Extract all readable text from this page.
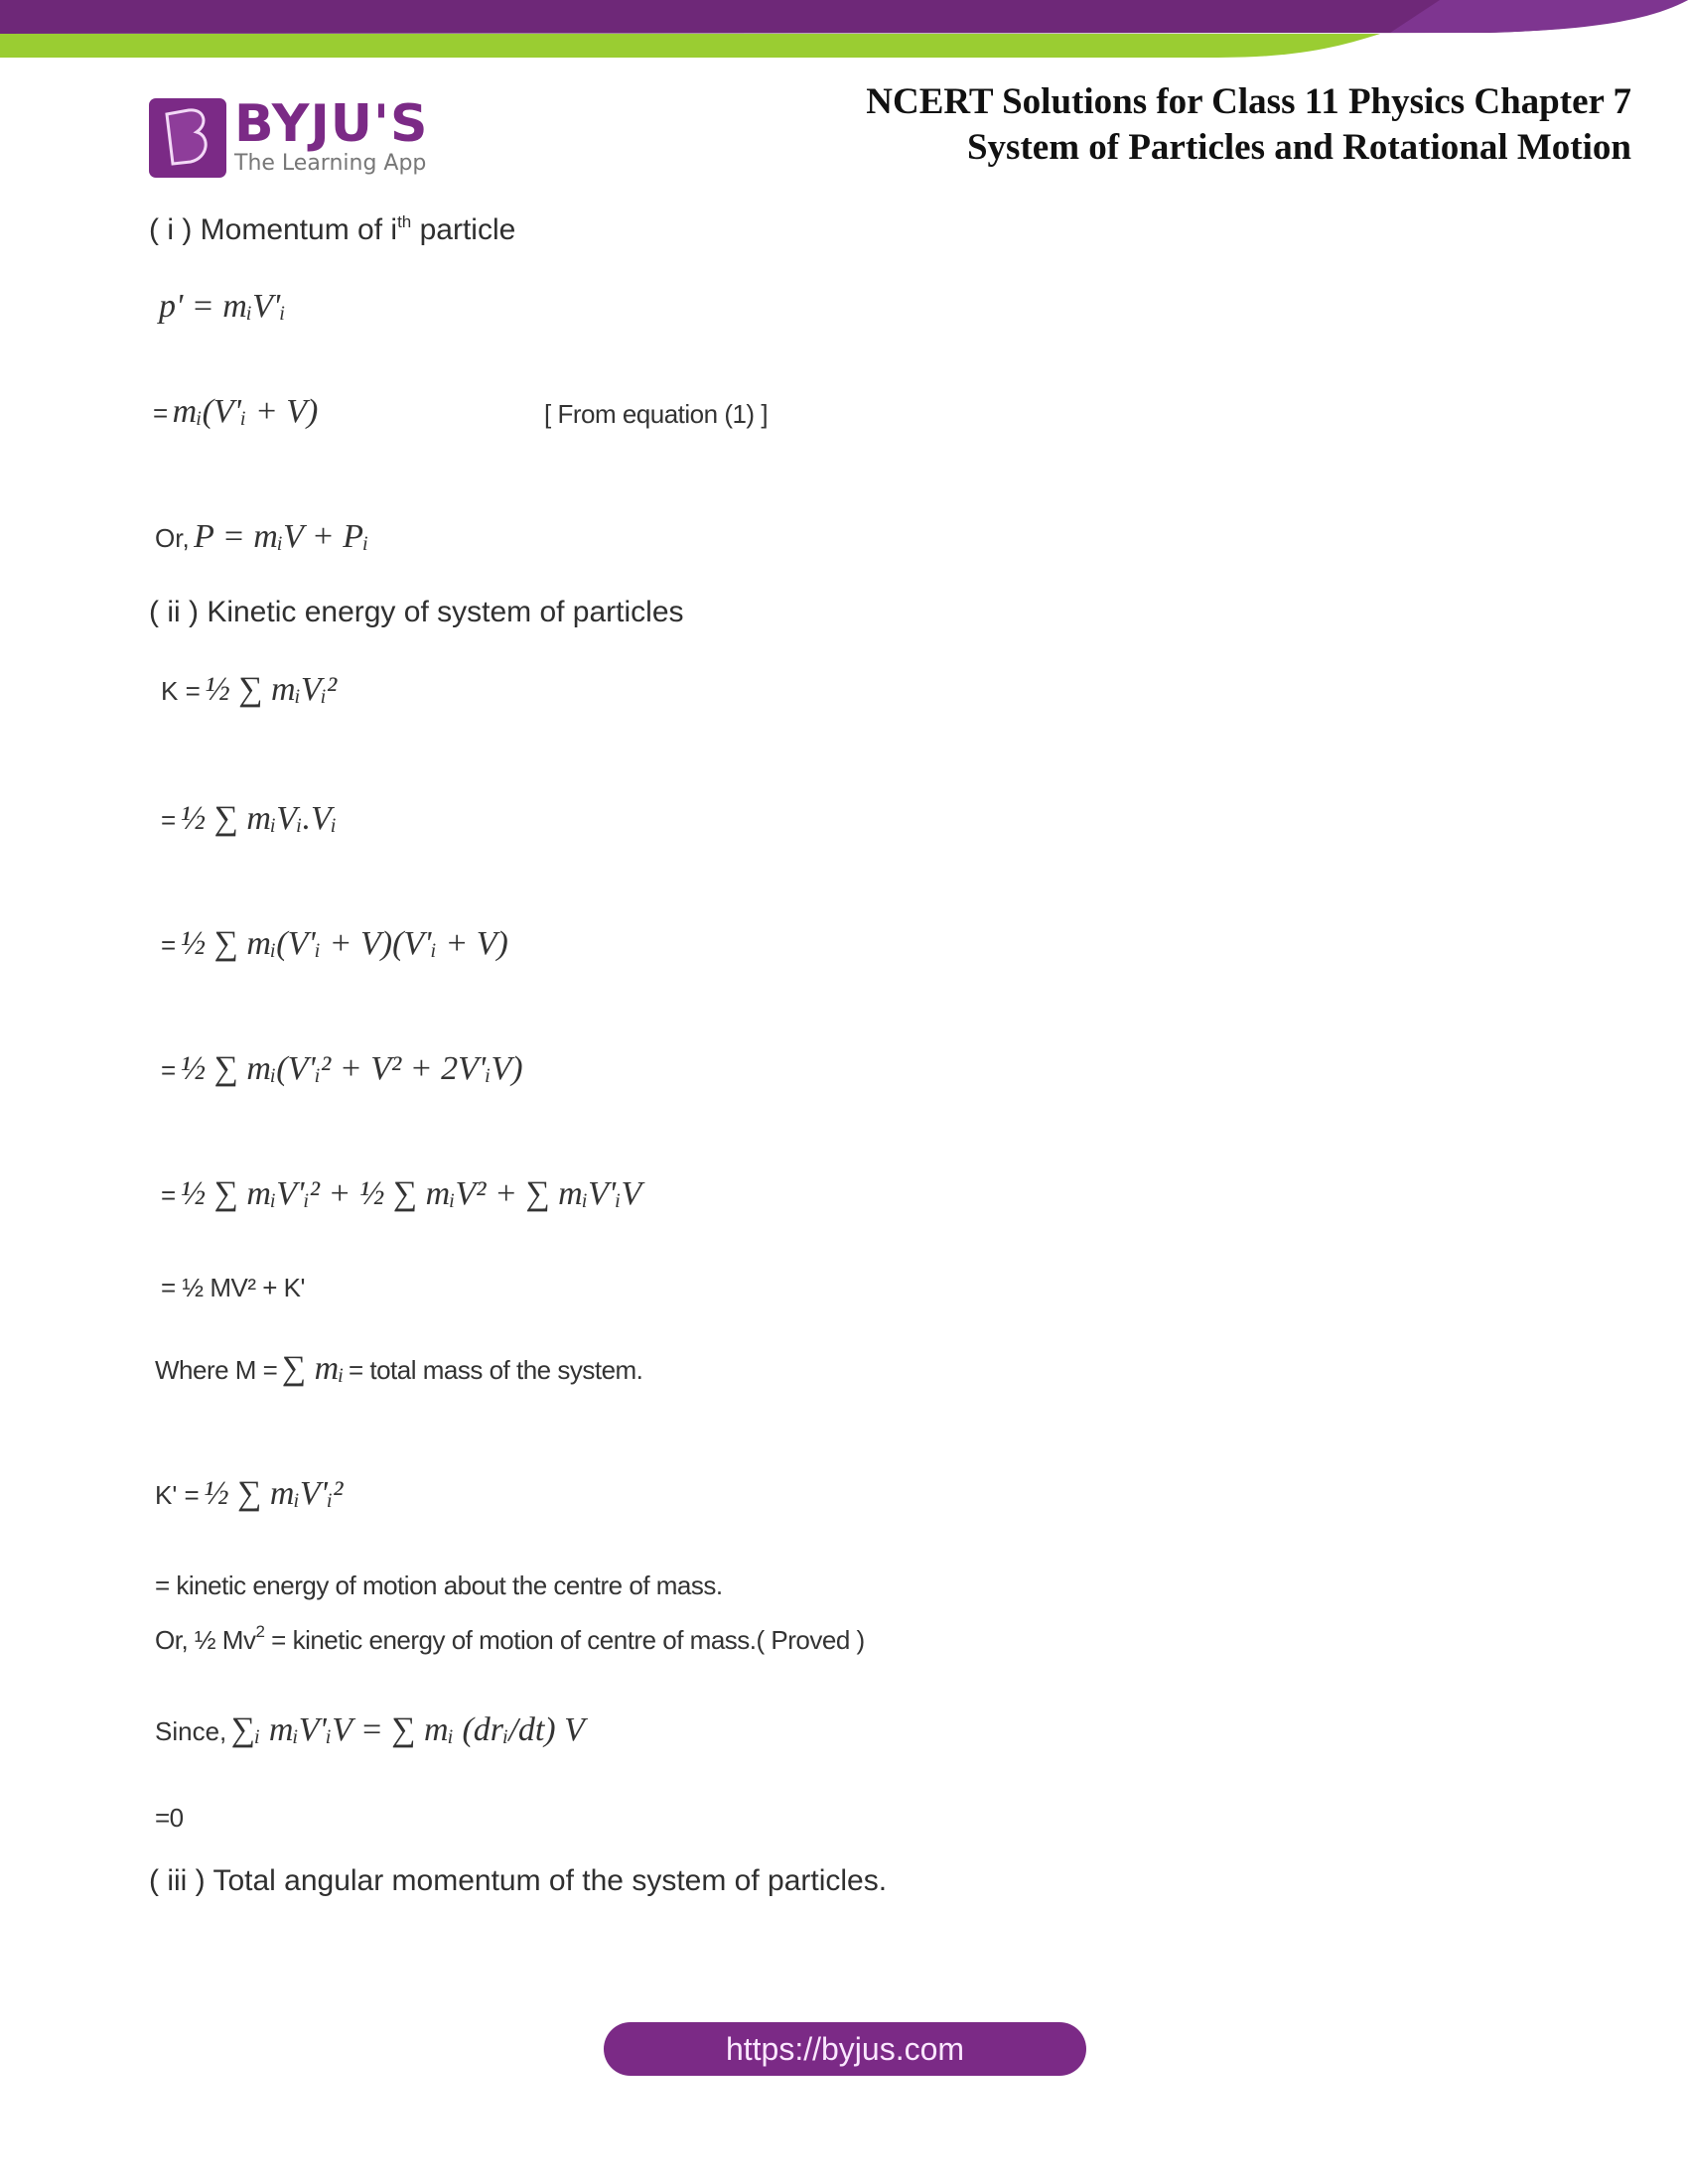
BYJU'S
The Learning App
NCERT Solutions for Class 11 Physics Chapter 7
System of Particles and Rotational Motion
( i ) Momentum of $i^{th}$ particle
p' = mᵢV'ᵢ
= mᵢ(V'ᵢ + V)	[ From equation (1) ]
Or, P = mᵢV + Pᵢ
( ii ) Kinetic energy of system of particles
K = ½ ∑ mᵢVᵢ²
= ½ ∑ mᵢVᵢ.Vᵢ
= ½ ∑ mᵢ(V'ᵢ + V)(V'ᵢ + V)
= ½ ∑ mᵢ(V'ᵢ² + V² + 2V'ᵢV)
= ½ ∑ mᵢV'ᵢ² + ½ ∑ mᵢV² + ∑ mᵢV'ᵢV
= ½ MV² + K'
Where M = ∑ mᵢ = total mass of the system.
K' = ½ ∑ mᵢV'ᵢ²
= kinetic energy of motion about the centre of mass.
Or, ½ $Mv^2$ = kinetic energy of motion of centre of mass.( Proved )
Since, ∑ᵢ mᵢV'ᵢV = ∑ mᵢ (drᵢ/dt) V
=0
( iii ) Total angular momentum of the system of particles.
https://byjus.com
